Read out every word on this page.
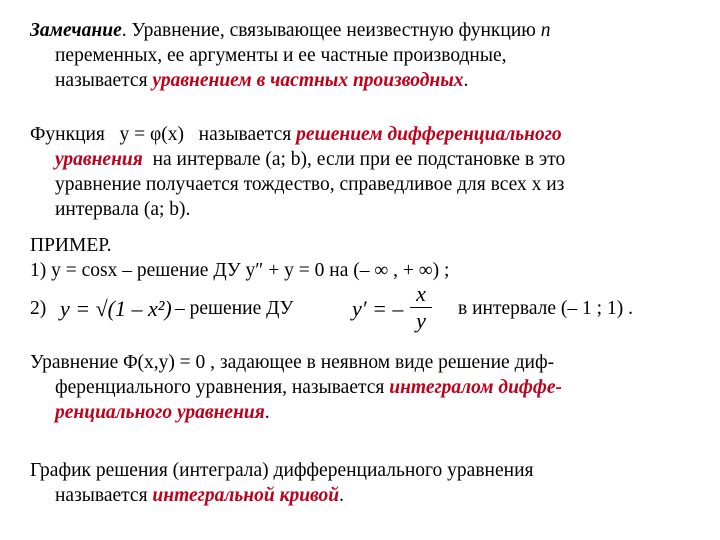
Замечание. Уравнение, связывающее неизвестную функцию n
переменных, ее аргументы и ее частные производные,
называется уравнением в частных производных.
Функция y = φ(x) называется решением дифференциального
уравнения на интервале (a; b), если при ее подстановке в это
уравнение получается тождество, справедливое для всех x из
интервала (a; b).
ПРИМЕР.
1) y = cosx – решение ДУ y″ + y = 0 на (– ∞ , + ∞) ;
2) y = √(1 – x²) – решение ДУ	y′ = –
x
y	в интервале (– 1 ; 1) .
Уравнение Φ(x,y) = 0 , задающее в неявном виде решение диф-
ференциального уравнения, называется интегралом диффе-
ренциального уравнения.
График решения (интеграла) дифференциального уравнения
называется интегральной кривой.
